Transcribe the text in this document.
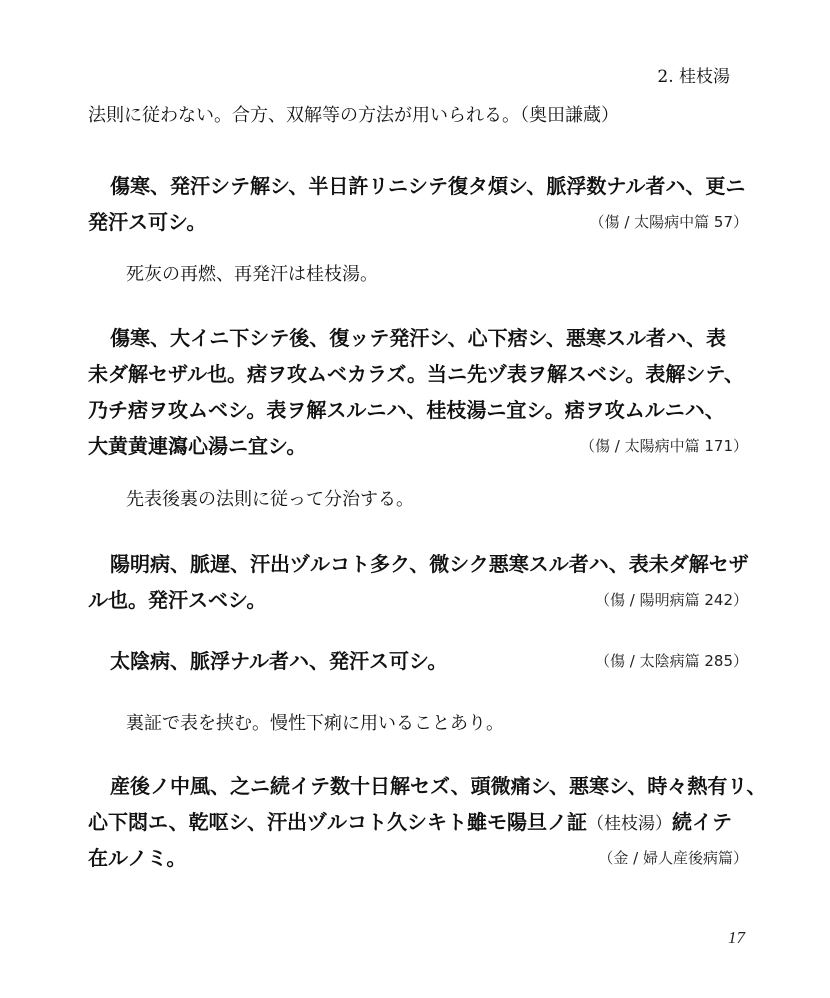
2. 桂枝湯
法則に従わない。合方、双解等の方法が用いられる。（奥田謙蔵）
傷寒、発汗シテ解シ、半日許リニシテ復タ煩シ、脈浮数ナル者ハ、更ニ
発汗ス可シ。	（傷 / 太陽病中篇 57）
死灰の再燃、再発汗は桂枝湯。
傷寒、大イニ下シテ後、復ッテ発汗シ、心下痞シ、悪寒スル者ハ、表
未ダ解セザル也。痞ヲ攻ムベカラズ。当ニ先ヅ表ヲ解スベシ。表解シテ、
乃チ痞ヲ攻ムベシ。表ヲ解スルニハ、桂枝湯ニ宜シ。痞ヲ攻ムルニハ、
大黄黄連瀉心湯ニ宜シ。	（傷 / 太陽病中篇 171）
先表後裏の法則に従って分治する。
陽明病、脈遅、汗出ヅルコト多ク、微シク悪寒スル者ハ、表未ダ解セザ
ル也。発汗スベシ。	（傷 / 陽明病篇 242）
太陰病、脈浮ナル者ハ、発汗ス可シ。	（傷 / 太陰病篇 285）
裏証で表を挟む。慢性下痢に用いることあり。
産後ノ中風、之ニ続イテ数十日解セズ、頭微痛シ、悪寒シ、時々熱有リ、
心下悶エ、乾呕シ、汗出ヅルコト久シキト雖モ陽旦ノ証（桂枝湯）続イテ
在ルノミ。	（金 / 婦人産後病篇）
17
